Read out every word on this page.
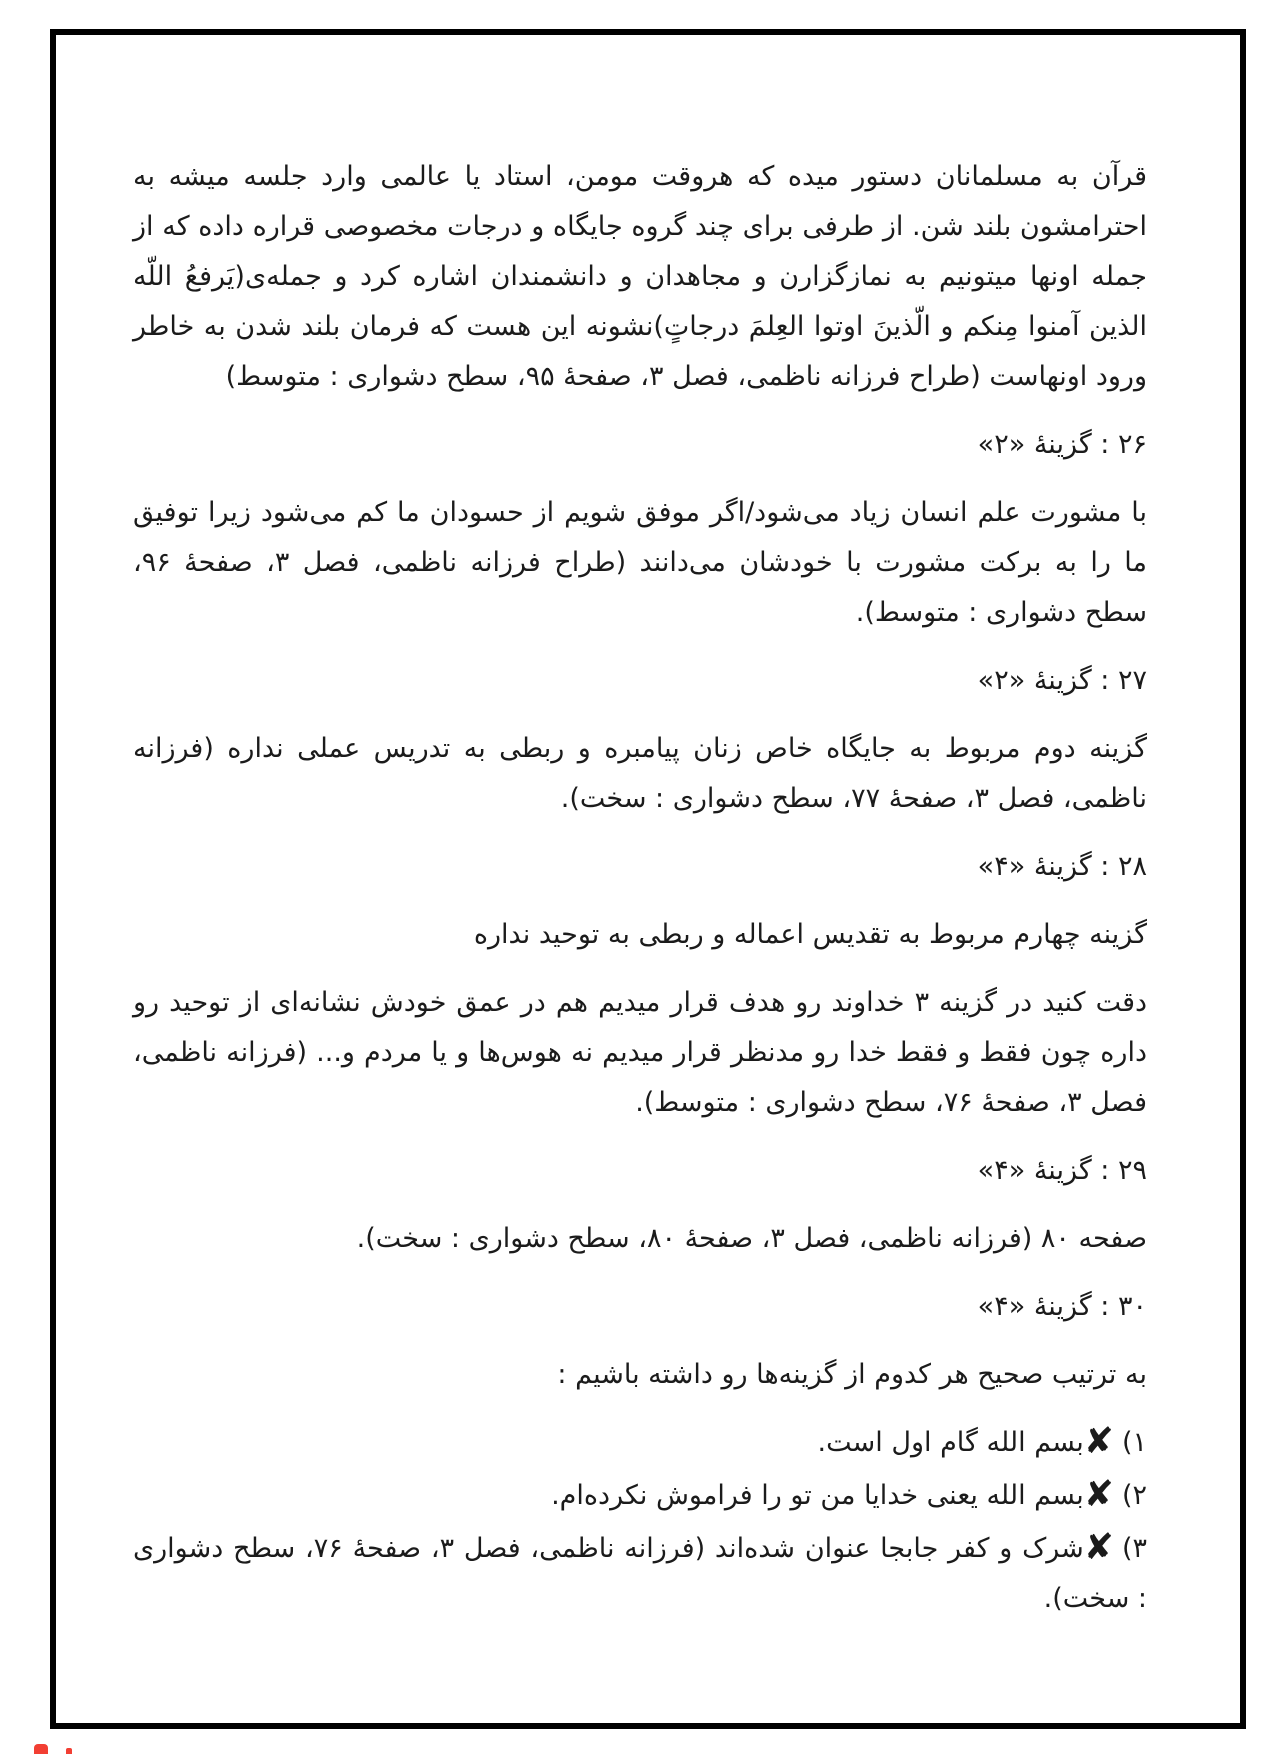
قرآن به مسلمانان دستور میده که هروقت مومن، استاد یا عالمی وارد جلسه میشه به احترامشون بلند شن. از طرفی برای چند گروه جایگاه و درجات مخصوصی قراره داده که از جمله اونها میتونیم به نمازگزارن و مجاهدان و دانشمندان اشاره کرد و جمله‌ی(یَرفعُ اللّه الذین آمنوا مِنکم و الّذینَ اوتوا العِلمَ درجاتٍ)نشونه این هست که فرمان بلند شدن به خاطر ورود اونهاست (طراح فرزانه ناظمی، فصل ۳، صفحهٔ ۹۵، سطح دشواری : متوسط)

۲۶ : گزینهٔ «۲»

با مشورت علم انسان زیاد می‌شود/اگر موفق شویم از حسودان ما کم می‌شود زیرا توفیق ما را به برکت مشورت با خودشان می‌دانند (طراح فرزانه ناظمی، فصل ۳، صفحهٔ ۹۶، سطح دشواری : متوسط).

۲۷ : گزینهٔ «۲»

گزینه دوم مربوط به جایگاه خاص زنان پیامبره و ربطی به تدریس عملی نداره (فرزانه ناظمی، فصل ۳، صفحهٔ ۷۷، سطح دشواری : سخت).

۲۸ : گزینهٔ «۴»

گزینه چهارم مربوط به تقدیس اعماله و ربطی به توحید نداره

دقت کنید در گزینه ۳ خداوند رو هدف قرار میدیم هم در عمق خودش نشانه‌ای از توحید رو داره چون فقط و فقط خدا رو مدنظر قرار میدیم نه هوس‌ها و یا مردم و... (فرزانه ناظمی، فصل ۳، صفحهٔ ۷۶، سطح دشواری : متوسط).

۲۹ : گزینهٔ «۴»

صفحه ۸۰ (فرزانه ناظمی، فصل ۳، صفحهٔ ۸۰، سطح دشواری : سخت).

۳۰ : گزینهٔ «۴»

به ترتیب صحیح هر کدوم از گزینه‌ها رو داشته باشیم :

۱)✘بسم الله گام اول است.

۲)✘بسم الله یعنی خدایا من تو را فراموش نکرده‌ام.

۳)✘شرک و کفر جابجا عنوان شده‌اند (فرزانه ناظمی، فصل ۳، صفحهٔ ۷۶، سطح دشواری : سخت).
